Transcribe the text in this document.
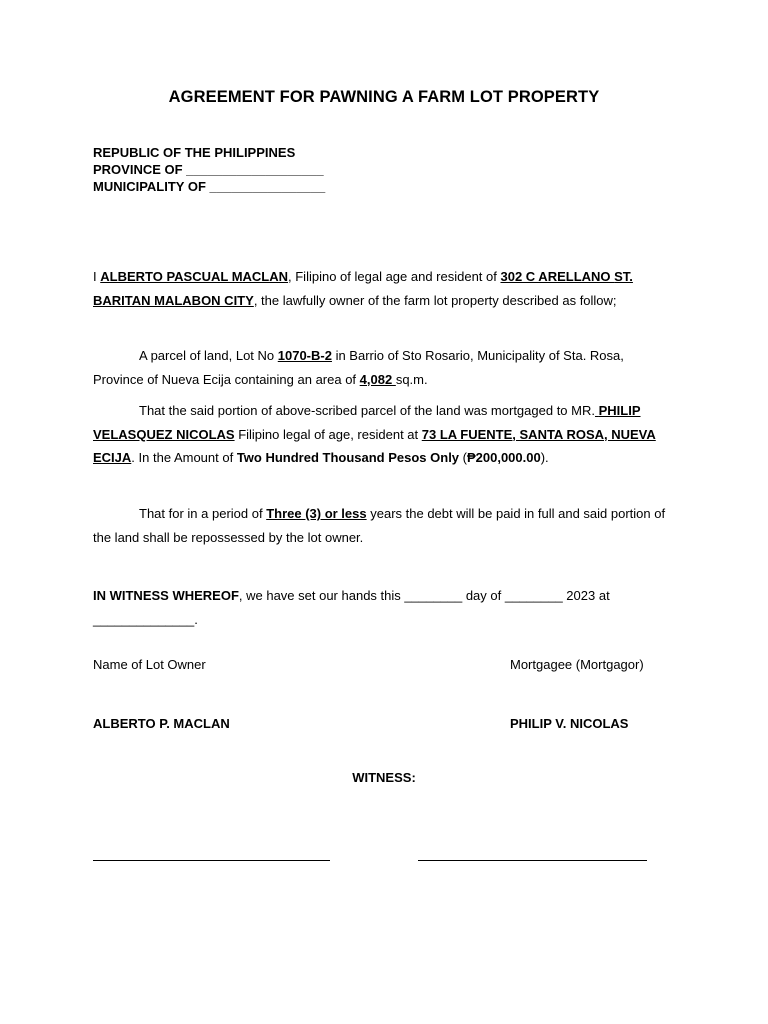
AGREEMENT FOR PAWNING A FARM LOT PROPERTY
REPUBLIC OF THE PHILIPPINES
PROVINCE OF ___________________
MUNICIPALITY OF ________________
I ALBERTO PASCUAL MACLAN, Filipino of legal age and resident of 302 C ARELLANO ST. BARITAN MALABON CITY, the lawfully owner of the farm lot property described as follow;
A parcel of land, Lot No 1070-B-2 in Barrio of Sto Rosario, Municipality of Sta. Rosa, Province of Nueva Ecija containing an area of 4,082 sq.m.
That the said portion of above-scribed parcel of the land was mortgaged to MR. PHILIP VELASQUEZ NICOLAS Filipino legal of age, resident at 73 LA FUENTE, SANTA ROSA, NUEVA ECIJA. In the Amount of Two Hundred Thousand Pesos Only (₱200,000.00).
That for in a period of Three (3) or less years the debt will be paid in full and said portion of the land shall be repossessed by the lot owner.
IN WITNESS WHEREOF, we have set our hands this ________ day of ________ 2023 at ______________.
Name of Lot Owner	Mortgagee (Mortgagor)
ALBERTO P. MACLAN	PHILIP V. NICOLAS
WITNESS:
